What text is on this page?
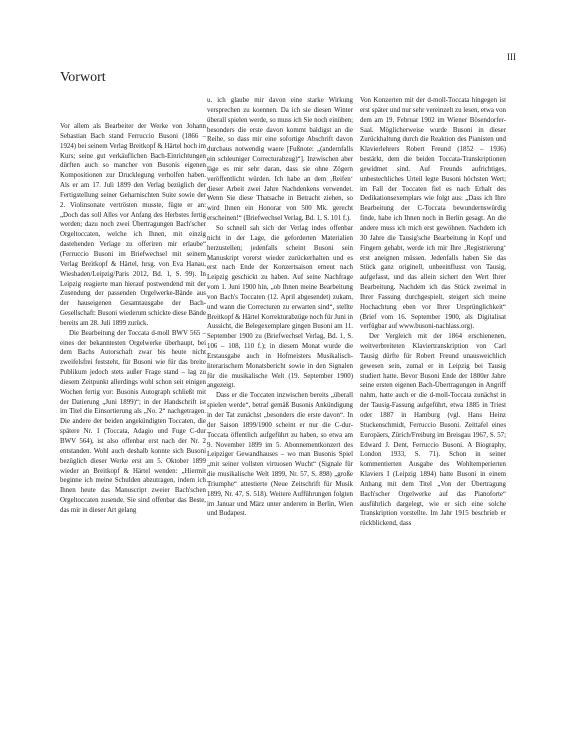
III
Vorwort

Vor allem als Bearbeiter der Werke von Johann Sebastian Bach stand Ferruccio Busoni (1866 – 1924) bei seinem Verlag Breitkopf & Härtel hoch im Kurs; seine gut verkäuflichen Bach-Einrichtungen dürften auch so mancher von Busonis eigenen Kompositionen zur Drucklegung verholfen haben. Als er am 17. Juli 1899 den Verlag bezüglich der Fertigstellung seiner Geharnischten Suite sowie der 2. Violinsonate vertrösten musste, fügte er an: „Doch das soll Alles vor Anfang des Herbstes fertig werden; dazu noch zwei Übertragungen Bach'scher Orgeltoccaten, welche ich Ihnen, mit einzig dastehenden Verlage zu offeriren mir erlaube“ (Ferruccio Busoni im Briefwechsel mit seinem Verlag Breitkopf & Härtel, hrsg. von Eva Hanau, Wiesbaden/Leipzig/Paris 2012, Bd. 1, S. 99). In Leipzig reagierte man hierauf postwendend mit der Zusendung der passenden Orgelwerke-Bände aus der hauseigenen Gesamtausgabe der Bach-Gesellschaft: Busoni wiederum schickte diese Bände bereits am 28. Juli 1899 zurück.

Die Bearbeitung der Toccata d-moll BWV 565 – eines der bekanntesten Orgelwerke überhaupt, bei dem Bachs Autorschaft zwar bis heute nicht zweifelsfrei feststeht, für Busoni wie für das breite Publikum jedoch stets außer Frage stand – lag zu diesem Zeitpunkt allerdings wohl schon seit einigen Wochen fertig vor: Busonis Autograph schließt mit der Datierung „Juni 1899)“; in der Handschrift ist im Titel die Einsortierung als „No. 2“ nachgetragen. Die andere der beiden angekündigten Toccaten, die spätere Nr. 1 (Toccata, Adagio und Fuge C-dur BWV 564), ist also offenbar erst nach der Nr. 2 entstanden. Wohl auch deshalb konnte sich Busoni bezüglich dieser Werke erst am 5. Oktober 1899 wieder an Breitkopf & Härtel wenden: „Hiermit beginne ich meine Schulden abzutragen, indem ich Ihnen heute das Manuscript zweier Bach'schen Orgeltoccaten zusende. Sie sind offenbar das Beste, das mir in dieser Art gelang

u. ich glaube mir davon eine starke Wirkung versprechen zu koennen. Da ich sie diesen Winter überall spielen werde, so muss ich Sie noch einüben; besonders die erste davon kommt baldigst an die Reihe, so dass mir eine sofortige Abschrift davon durchaus notwendig waere [Fußnote: „(andernfalls ein schleuniger Correcturabzug)“]. Inzwischen aber läge es mir sehr daran, dass sie ohne Zögern veröffentlicht würden. Ich habe an dem ‚Reifen‘ dieser Arbeit zwei Jahre Nachdenkens verwendet. Wenn Sie diese Thatsache in Betracht ziehen, so wird Ihnen ein Honorar von 500 Mk. gerecht erscheinen!“ (Briefwechsel Verlag, Bd. 1, S. 101 f.).

So schnell sah sich der Verlag indes offenbar nicht in der Lage, die geforderten Materialien herzustellen; jedenfalls scheint Busoni sein Manuskript vorerst wieder zurückerhalten und es erst nach Ende der Konzertsaison erneut nach Leipzig geschickt zu haben. Auf seine Nachfrage vom 1. Juni 1900 hin, „ob Ihnen meine Bearbeitung von Bach's Toccaten (12. April abgesendet) zukam, und wann die Correcturen zu erwarten sind“, stellte Breitkopf & Härtel Korrekturabzüge noch für Juni in Aussicht, die Belegexemplare gingen Busoni am 11. September 1900 zu (Briefwechsel Verlag, Bd. 1, S. 106 – 108, 110 f.); in diesem Monat wurde die Erstausgabe auch in Hofmeisters Musikalisch-literarischem Monatsbericht sowie in den Signalen für die musikalische Welt (19. September 1900) angezeigt.

Dass er die Toccaten inzwischen bereits „überall spielen werde“, betraf gemäß Busonis Ankündigung in der Tat zunächst „besonders die erste davon“. In der Saison 1899/1900 scheint er nur die C-dur-Toccata öffentlich aufgeführt zu haben, so etwa am 9. November 1899 im 5. Abonnementkonzert des Leipziger Gewandhauses – wo man Busonis Spiel „mit seiner vollsten virtuosen Wucht“ (Signale für die musikalische Welt 1899, Nr. 57, S. 898) „große Triumphe“ attestierte (Neue Zeitschrift für Musik 1899, Nr. 47, S. 518). Weitere Aufführungen folgten im Januar und März unter anderem in Berlin, Wien und Budapest.

Von Konzerten mit der d-moll-Toccata hingegen ist erst später und nur sehr vereinzelt zu lesen, etwa von dem am 19. Februar 1902 im Wiener Bösendorfer-Saal. Möglicherweise wurde Busoni in dieser Zurückhaltung durch die Reaktion des Pianisten und Klavierlehrers Robert Freund (1852 – 1936) bestärkt, dem die beiden Toccata-Transkriptionen gewidmet sind. Auf Freunds aufrichtiges, unbestechliches Urteil legte Busoni höchsten Wert; im Fall der Toccaten fiel es nach Erhalt des Dedikationsexemplars wie folgt aus: „Dass ich Ihre Bearbeitung der C-Toccata bewundernswürdig finde, habe ich Ihnen noch in Berlin gesagt. An die andere muss ich mich erst gewöhnen. Nachdem ich 30 Jahre die Tausig'sche Bearbeitung in Kopf und Fingern gehabt, werde ich mir Ihre ‚Registrierung‘ erst aneignen müssen. Jedenfalls haben Sie das Stück ganz originell, unbeeinflusst von Tausig, aufgefasst, und das allein sichert den Wert Ihrer Bearbeitung. Nachdem ich das Stück zweimal in Ihrer Fassung durchgespielt, steigert sich meine Hochachtung eben vor Ihrer Ursprünglichkeit“ (Brief vom 16. September 1900, als Digitalisat verfügbar auf www.busoni-nachlass.org).

Der Vergleich mit der 1864 erschienenen, weitverbreiteten Klaviertranskription von Carl Tausig dürfte für Robert Freund unausweichlich gewesen sein, zumal er in Leipzig bei Tausig studiert hatte. Bevor Busoni Ende der 1880er Jahre seine ersten eigenen Bach-Übertragungen in Angriff nahm, hatte auch er die d-moll-Toccata zunächst in der Tausig-Fassung aufgeführt, etwa 1885 in Triest oder 1887 in Hamburg (vgl. Hans Heinz Stuckenschmidt, Ferruccio Busoni. Zeittafel eines Europäers, Zürich/Freiburg im Breisgau 1967, S. 57; Edward J. Dent, Ferruccio Busoni. A Biography, London 1933, S. 71). Schon in seiner kommentierten Ausgabe des Wohltemperierten Klaviers I (Leipzig 1894) hatte Busoni in einem Anhang mit dem Titel „Von der Übertragung Bach'scher Orgelwerke auf das Pianoforte“ ausführlich dargelegt, wie er sich eine solche Transkription vorstellte. Im Jahr 1915 beschrieb er rückblickend, dass
